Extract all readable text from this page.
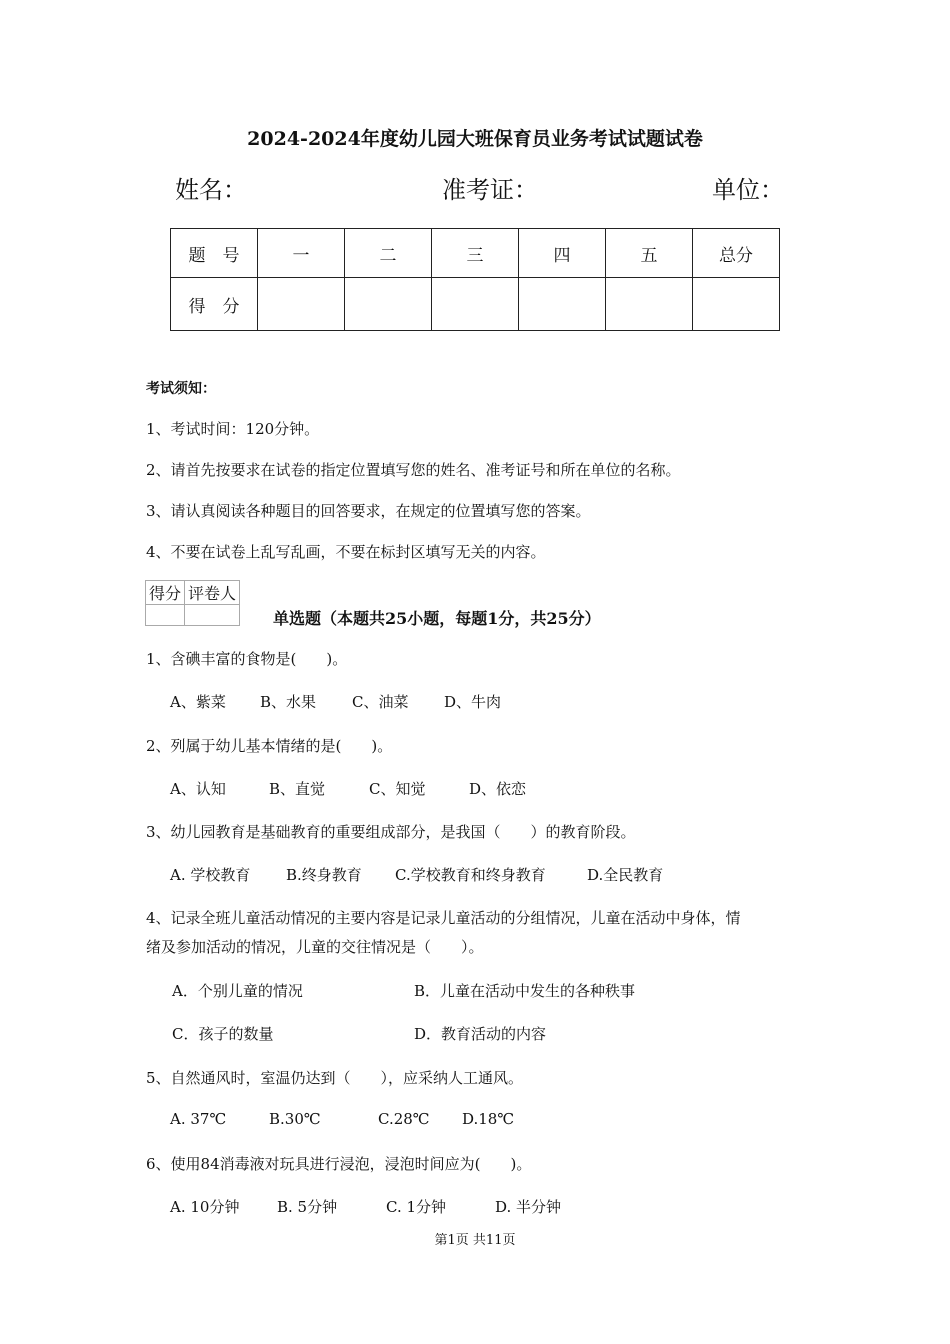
2024-2024年度幼儿园大班保育员业务考试试题试卷
姓名：	准考证：	单位：
题　号	一	二	三	四	五	总分
得　分						
考试须知：
1、考试时间：120分钟。
2、请首先按要求在试卷的指定位置填写您的姓名、准考证号和所在单位的名称。
3、请认真阅读各种题目的回答要求，在规定的位置填写您的答案。
4、不要在试卷上乱写乱画，不要在标封区填写无关的内容。
得分	评卷人

单选题（本题共25小题，每题1分，共25分）
1、含碘丰富的食物是(　　)。
A、紫菜 B、水果 C、油菜 D、牛肉
2、列属于幼儿基本情绪的是(　　)。
A、认知	B、直觉	C、知觉	D、依恋
3、幼儿园教育是基础教育的重要组成部分，是我国（　　）的教育阶段。
A. 学校教育 B.终身教育 C.学校教育和终身教育	D.全民教育
4、记录全班儿童活动情况的主要内容是记录儿童活动的分组情况，儿童在活动中身体，情
绪及参加活动的情况，儿童的交往情况是（　　）。
A．个别儿童的情况	B．儿童在活动中发生的各种秩事
C．孩子的数量	D．教育活动的内容
5、自然通风时，室温仍达到（　　），应采纳人工通风。
A. 37℃	B.30℃	C.28℃ D.18℃
6、使用84消毒液对玩具进行浸泡，浸泡时间应为(　　)。
A. 10分钟	B. 5分钟	C. 1分钟	D. 半分钟
第1页 共11页
